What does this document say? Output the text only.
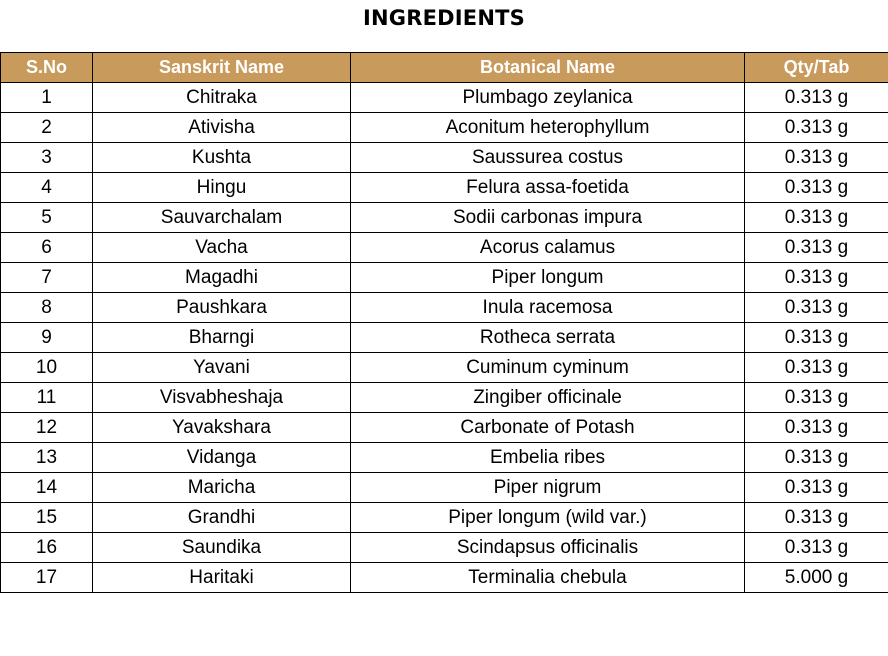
INGREDIENTS
S.No	Sanskrit Name	Botanical Name	Qty/Tab
1	Chitraka	Plumbago zeylanica	0.313 g
2	Ativisha	Aconitum heterophyllum	0.313 g
3	Kushta	Saussurea costus	0.313 g
4	Hingu	Felura assa-foetida	0.313 g
5	Sauvarchalam	Sodii carbonas impura	0.313 g
6	Vacha	Acorus calamus	0.313 g
7	Magadhi	Piper longum	0.313 g
8	Paushkara	Inula racemosa	0.313 g
9	Bharngi	Rotheca serrata	0.313 g
10	Yavani	Cuminum cyminum	0.313 g
11	Visvabheshaja	Zingiber officinale	0.313 g
12	Yavakshara	Carbonate of Potash	0.313 g
13	Vidanga	Embelia ribes	0.313 g
14	Maricha	Piper nigrum	0.313 g
15	Grandhi	Piper longum (wild var.)	0.313 g
16	Saundika	Scindapsus officinalis	0.313 g
17	Haritaki	Terminalia chebula	5.000 g
